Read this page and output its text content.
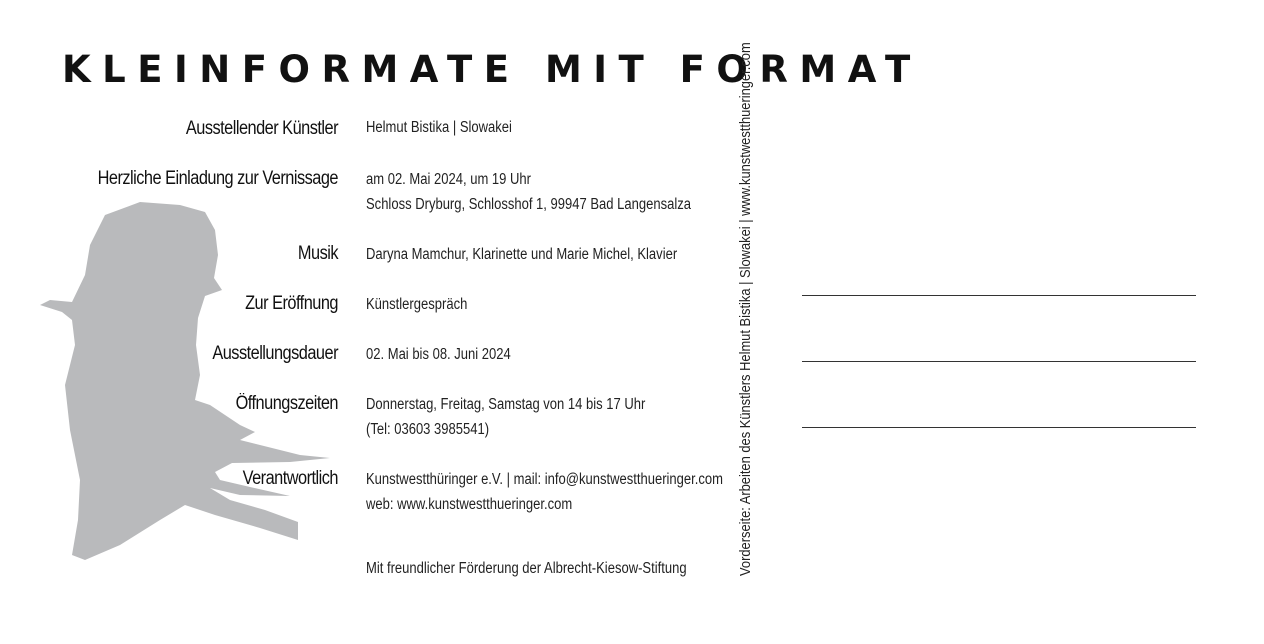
KLEINFORMATE MIT FORMAT
Ausstellender Künstler Helmut Bistika | Slowakei
Herzliche Einladung zur Vernissage am 02. Mai 2024, um 19 Uhr
Schloss Dryburg, Schlosshof 1, 99947 Bad Langensalza
Musik Daryna Mamchur, Klarinette und Marie Michel, Klavier
Zur Eröffnung Künstlergespräch
Ausstellungsdauer 02. Mai bis 08. Juni 2024
Öffnungszeiten Donnerstag, Freitag, Samstag von 14 bis 17 Uhr
(Tel: 03603 3985541)
Verantwortlich Kunstwestthüringer e.V. | mail: info@kunstwestthueringer.com
web: www.kunstwestthueringer.com
Mit freundlicher Förderung der Albrecht-Kiesow-Stiftung	Vorderseite: Arbeiten des Künstlers Helmut Bistika | Slowakei | www.kunstwestthueringer.com
